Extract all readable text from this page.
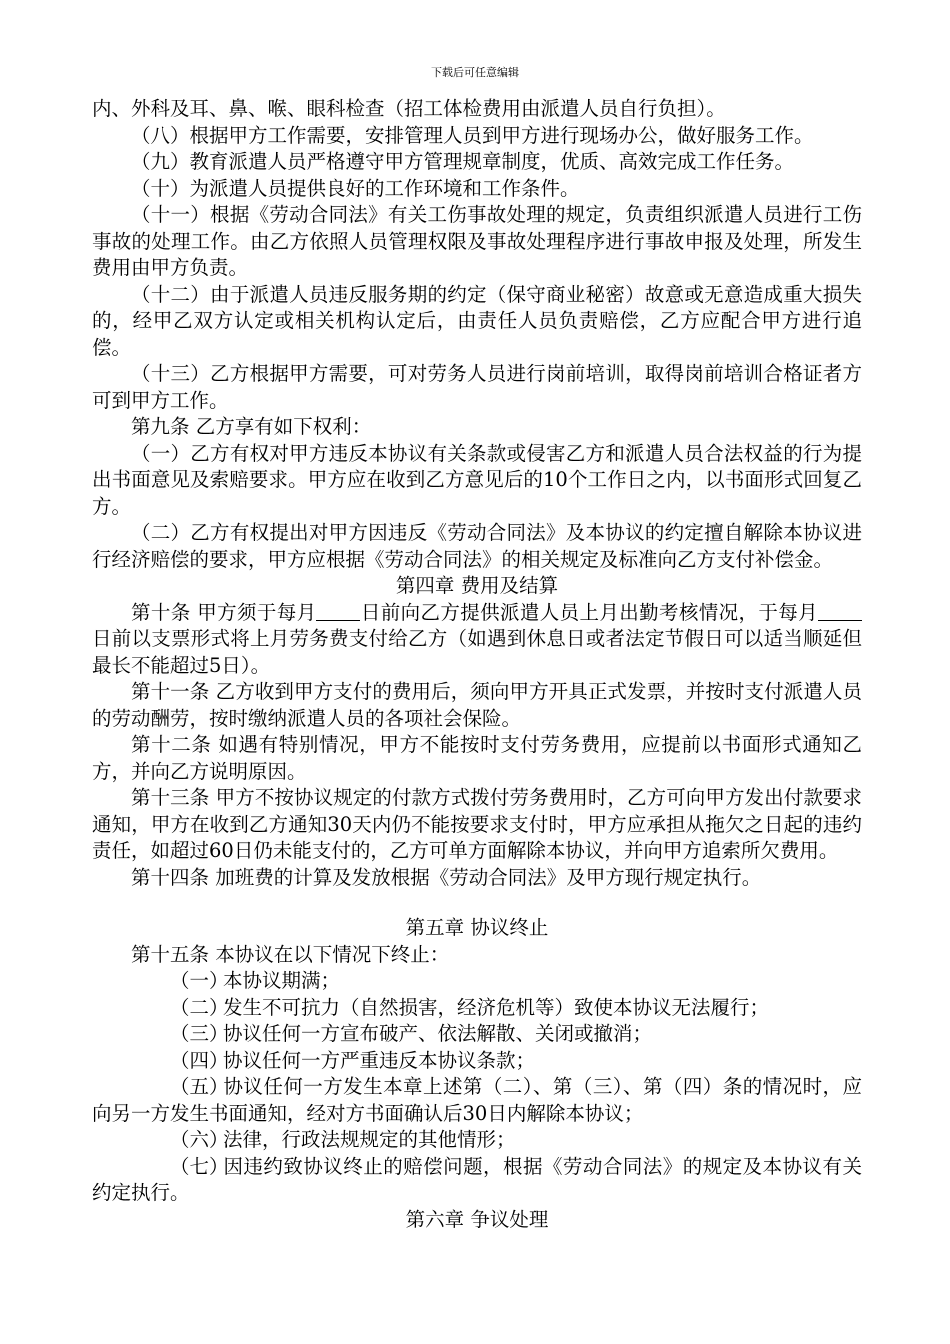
下载后可任意编辑

内、外科及耳、鼻、喉、眼科检查（招工体检费用由派遣人员自行负担）。

（八）根据甲方工作需要，安排管理人员到甲方进行现场办公，做好服务工作。

（九）教育派遣人员严格遵守甲方管理规章制度，优质、高效完成工作任务。

（十）为派遣人员提供良好的工作环境和工作条件。

（十一）根据《劳动合同法》有关工伤事故处理的规定，负责组织派遣人员进行工伤事故的处理工作。由乙方依照人员管理权限及事故处理程序进行事故申报及处理，所发生费用由甲方负责。

（十二）由于派遣人员违反服务期的约定（保守商业秘密）故意或无意造成重大损失的，经甲乙双方认定或相关机构认定后，由责任人员负责赔偿，乙方应配合甲方进行追偿。

（十三）乙方根据甲方需要，可对劳务人员进行岗前培训，取得岗前培训合格证者方可到甲方工作。

第九条 乙方享有如下权利：

（一）乙方有权对甲方违反本协议有关条款或侵害乙方和派遣人员合法权益的行为提出书面意见及索赔要求。甲方应在收到乙方意见后的10个工作日之内，以书面形式回复乙方。

（二）乙方有权提出对甲方因违反《劳动合同法》及本协议的约定擅自解除本协议进行经济赔偿的要求，甲方应根据《劳动合同法》的相关规定及标准向乙方支付补偿金。

第四章 费用及结算

第十条 甲方须于每月 日前向乙方提供派遣人员上月出勤考核情况，于每月日前以支票形式将上月劳务费支付给乙方（如遇到休息日或者法定节假日可以适当顺延但最长不能超过5日）。

第十一条 乙方收到甲方支付的费用后，须向甲方开具正式发票，并按时支付派遣人员的劳动酬劳，按时缴纳派遣人员的各项社会保险。

第十二条 如遇有特别情况，甲方不能按时支付劳务费用，应提前以书面形式通知乙方，并向乙方说明原因。

第十三条 甲方不按协议规定的付款方式拨付劳务费用时，乙方可向甲方发出付款要求通知，甲方在收到乙方通知30天内仍不能按要求支付时，甲方应承担从拖欠之日起的违约责任，如超过60日仍未能支付的，乙方可单方面解除本协议，并向甲方追索所欠费用。

第十四条 加班费的计算及发放根据《劳动合同法》及甲方现行规定执行。

第五章 协议终止

第十五条 本协议在以下情况下终止：

（一）本协议期满；

（二）发生不可抗力（自然损害，经济危机等）致使本协议无法履行；

（三）协议任何一方宣布破产、依法解散、关闭或撤消；

（四）协议任何一方严重违反本协议条款；

（五）协议任何一方发生本章上述第（二）、第（三）、第（四）条的情况时，应向另一方发生书面通知，经对方书面确认后30日内解除本协议；

（六）法律，行政法规规定的其他情形；

（七）因违约致协议终止的赔偿问题，根据《劳动合同法》的规定及本协议有关约定执行。

第六章 争议处理
